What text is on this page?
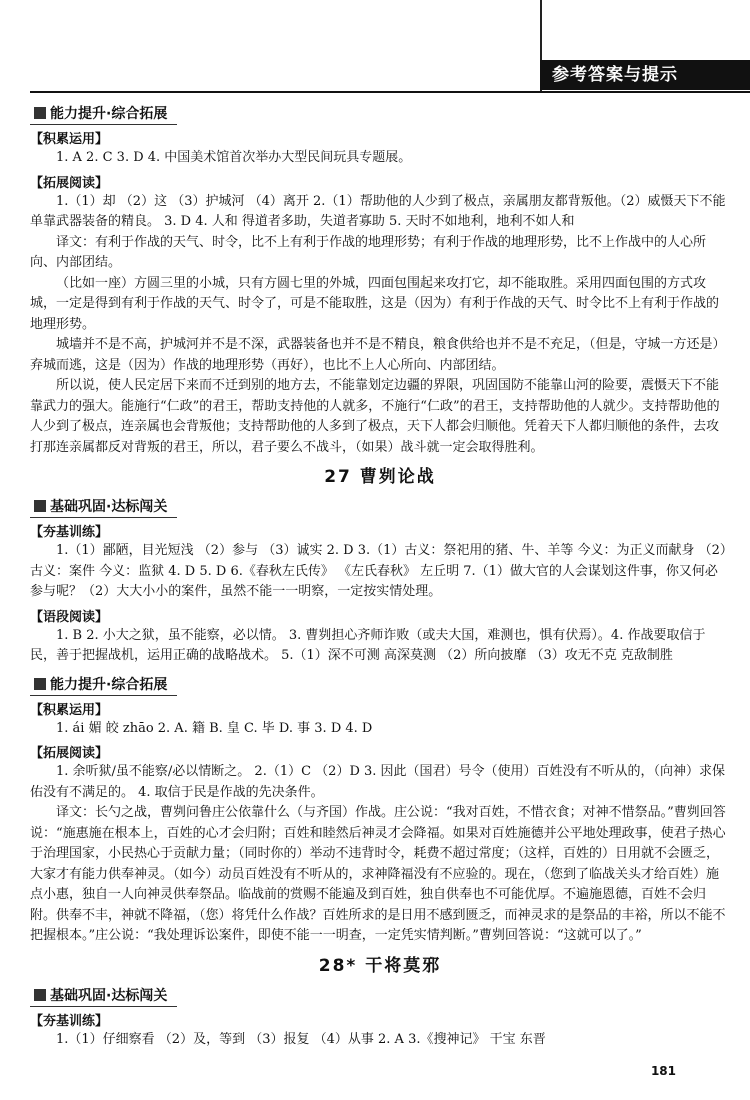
参考答案与提示★★★★★
能力提升·综合拓展
【积累运用】

1. A 2. C 3. D 4. 中国美术馆首次举办大型民间玩具专题展。

【拓展阅读】

1.（1）却 （2）这 （3）护城河 （4）离开 2.（1）帮助他的人少到了极点，亲属朋友都背叛他。（2）威慑天下不能单靠武器装备的精良。 3. D 4. 人和 得道者多助，失道者寡助 5. 天时不如地利，地利不如人和

译文：有利于作战的天气、时令，比不上有利于作战的地理形势；有利于作战的地理形势，比不上作战中的人心所向、内部团结。

（比如一座）方圆三里的小城，只有方圆七里的外城，四面包围起来攻打它，却不能取胜。采用四面包围的方式攻城，一定是得到有利于作战的天气、时令了，可是不能取胜，这是（因为）有利于作战的天气、时令比不上有利于作战的地理形势。

城墙并不是不高，护城河并不是不深，武器装备也并不是不精良，粮食供给也并不是不充足，（但是，守城一方还是）弃城而逃，这是（因为）作战的地理形势（再好），也比不上人心所向、内部团结。

所以说，使人民定居下来而不迁到别的地方去，不能靠划定边疆的界限，巩固国防不能靠山河的险要，震慑天下不能靠武力的强大。能施行“仁政”的君王，帮助支持他的人就多，不施行“仁政”的君王，支持帮助他的人就少。支持帮助他的人少到了极点，连亲属也会背叛他；支持帮助他的人多到了极点，天下人都会归顺他。凭着天下人都归顺他的条件，去攻打那连亲属都反对背叛的君王，所以，君子要么不战斗，（如果）战斗就一定会取得胜利。

27 曹刿论战
基础巩固·达标闯关
【夯基训练】

1.（1）鄙陋，目光短浅 （2）参与 （3）诚实 2. D 3.（1）古义：祭祀用的猪、牛、羊等 今义：为正义而献身 （2）古义：案件 今义：监狱 4. D 5. D 6.《春秋左氏传》 《左氏春秋》 左丘明 7.（1）做大官的人会谋划这件事，你又何必参与呢？（2）大大小小的案件，虽然不能一一明察，一定按实情处理。

【语段阅读】

1. B 2. 小大之狱，虽不能察，必以情。 3. 曹刿担心齐师诈败（或夫大国，难测也，惧有伏焉）。4. 作战要取信于民，善于把握战机，运用正确的战略战术。 5.（1）深不可测 高深莫测 （2）所向披靡 （3）攻无不克 克敌制胜

能力提升·综合拓展
【积累运用】

1. ái 媚 皎 zhāo 2. A. 籍 B. 皇 C. 毕 D. 事 3. D 4. D

【拓展阅读】

1. 余听狱/虽不能察/必以情断之。 2.（1）C （2）D 3. 因此（国君）号令（使用）百姓没有不听从的，（向神）求保佑没有不满足的。 4. 取信于民是作战的先决条件。

译文：长勺之战，曹刿问鲁庄公依靠什么（与齐国）作战。庄公说：“我对百姓，不惜衣食；对神不惜祭品。”曹刿回答说：“施惠施在根本上，百姓的心才会归附；百姓和睦然后神灵才会降福。如果对百姓施德并公平地处理政事，使君子热心于治理国家，小民热心于贡献力量；（同时你的）举动不违背时令，耗费不超过常度；（这样，百姓的）日用就不会匮乏，大家才有能力供奉神灵。（如今）动员百姓没有不听从的，求神降福没有不应验的。现在，（您到了临战关头才给百姓）施点小惠，独自一人向神灵供奉祭品。临战前的赏赐不能遍及到百姓，独自供奉也不可能优厚。不遍施恩德，百姓不会归附。供奉不丰，神就不降福，（您）将凭什么作战？百姓所求的是日用不感到匮乏，而神灵求的是祭品的丰裕，所以不能不把握根本。”庄公说：“我处理诉讼案件，即使不能一一明查，一定凭实情判断。”曹刿回答说：“这就可以了。”

28* 干将莫邪
基础巩固·达标闯关
【夯基训练】

1.（1）仔细察看 （2）及，等到 （3）报复 （4）从事 2. A 3.《搜神记》 干宝 东晋

181
